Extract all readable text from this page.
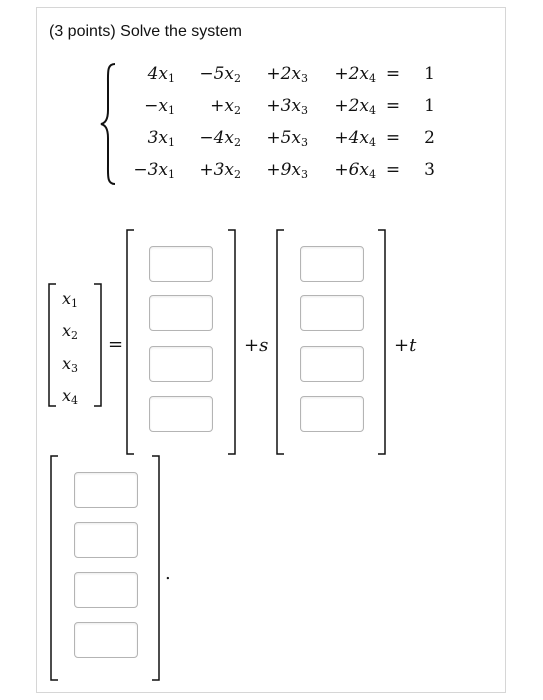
(3 points) Solve the system
$4x_1 -5x_2 +2x_3 +2x_4 = 1$
$-x_1 +x_2 +3x_3 +2x_4 = 1$
$3x_1 -4x_2 +5x_3 +4x_4 = 2$
$-3x_1 +3x_2 +9x_3 +6x_4 = 3$
$x_1$
$x_2$
$x_3$
$x_4$
=	+s	+t
.
